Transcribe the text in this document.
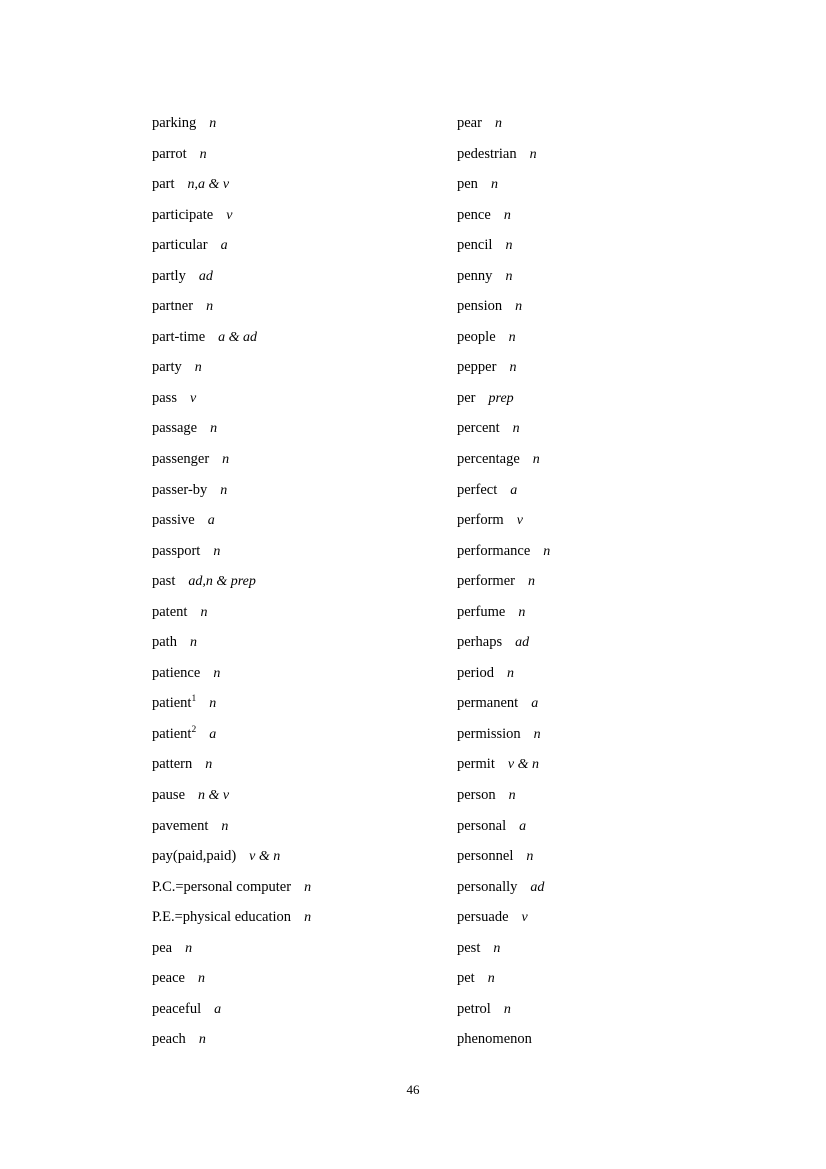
parking n
parrot n
part n,a & v
participate v
particular a
partly ad
partner n
part-time a & ad
party n
pass v
passage n
passenger n
passer-by n
passive a
passport n
past ad,n & prep
patent n
path n
patience n
patient$^1$ n
patient$^2$ a
pattern n
pause n & v
pavement n
pay(paid,paid) v & n
P.C.=personal computer n
P.E.=physical education n
pea n
peace n
peaceful a
peach n
pear n
pedestrian n
pen n
pence n
pencil n
penny n
pension n
people n
pepper n
per prep
percent n
percentage n
perfect a
perform v
performance n
performer n
perfume n
perhaps ad
period n
permanent a
permission n
permit v & n
person n
personal a
personnel n
personally ad
persuade v
pest n
pet n
petrol n
phenomenon
46
